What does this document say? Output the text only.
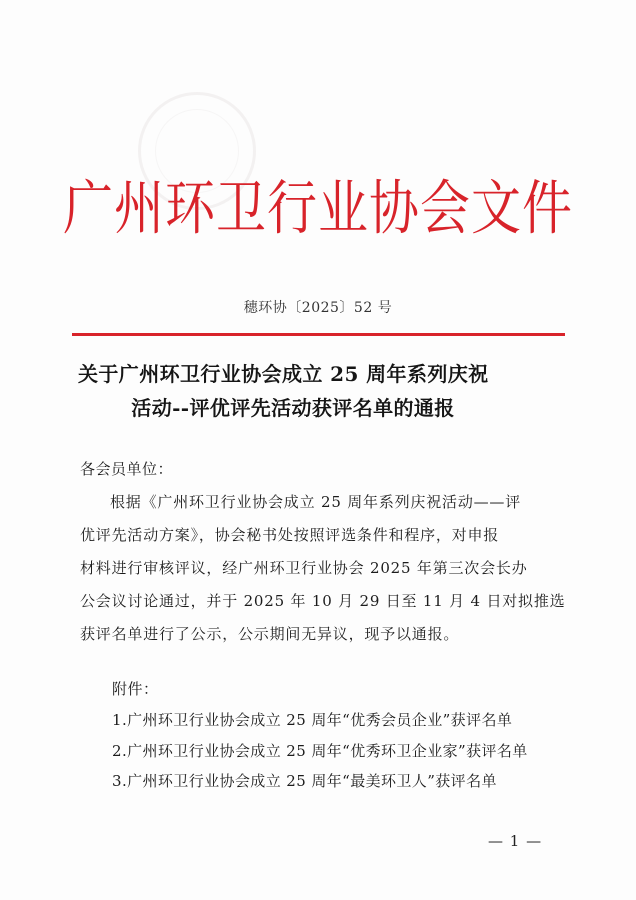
广州环卫行业协会文件
穗环协〔2025〕52 号
关于广州环卫行业协会成立 25 周年系列庆祝
活动--评优评先活动获评名单的通报
各会员单位：
根据《广州环卫行业协会成立 25 周年系列庆祝活动——评
优评先活动方案》，协会秘书处按照评选条件和程序，对申报
材料进行审核评议，经广州环卫行业协会 2025 年第三次会长办
公会议讨论通过，并于 2025 年 10 月 29 日至 11 月 4 日对拟推选
获评名单进行了公示，公示期间无异议，现予以通报。
附件：
1.广州环卫行业协会成立 25 周年“优秀会员企业”获评名单
2.广州环卫行业协会成立 25 周年“优秀环卫企业家”获评名单
3.广州环卫行业协会成立 25 周年“最美环卫人”获评名单
— 1 —
